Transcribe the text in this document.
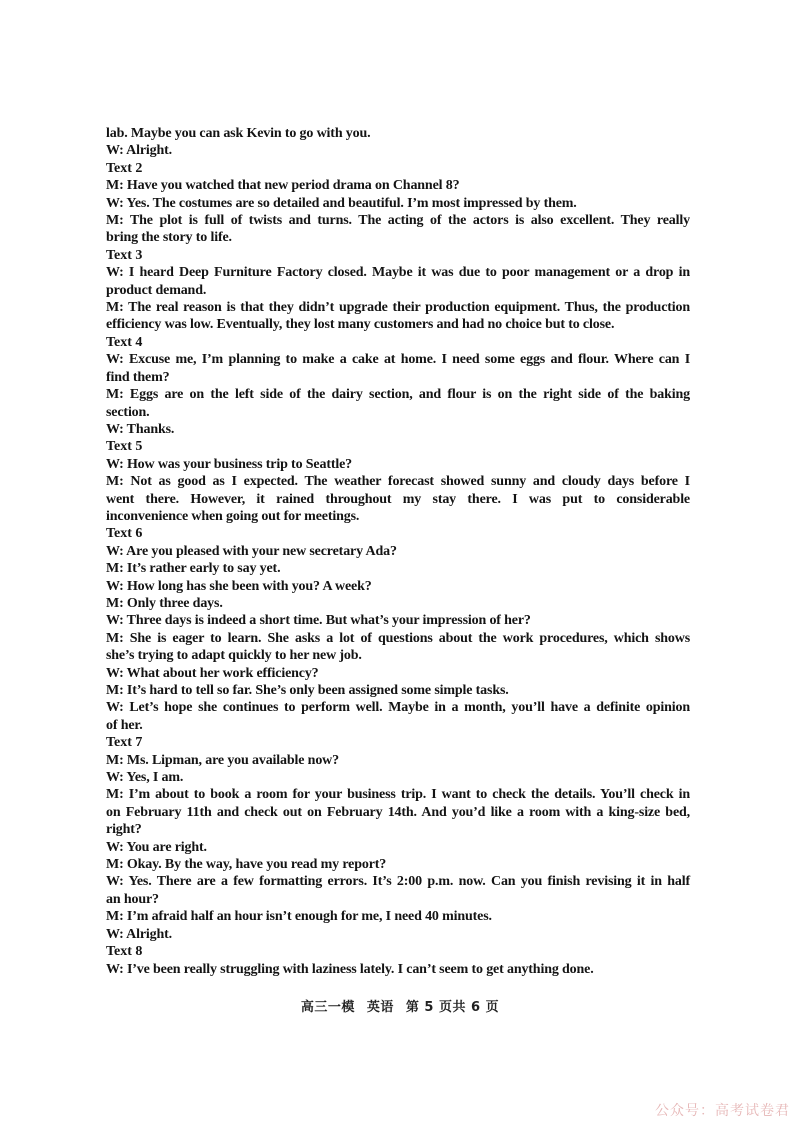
lab. Maybe you can ask Kevin to go with you.
W: Alright.
Text 2
M: Have you watched that new period drama on Channel 8?
W: Yes. The costumes are so detailed and beautiful. I’m most impressed by them.
M: The plot is full of twists and turns. The acting of the actors is also excellent. They really
bring the story to life.
Text 3
W: I heard Deep Furniture Factory closed. Maybe it was due to poor management or a drop in
product demand.
M: The real reason is that they didn’t upgrade their production equipment. Thus, the production
efficiency was low. Eventually, they lost many customers and had no choice but to close.
Text 4
W: Excuse me, I’m planning to make a cake at home. I need some eggs and flour. Where can I
find them?
M: Eggs are on the left side of the dairy section, and flour is on the right side of the baking
section.
W: Thanks.
Text 5
W: How was your business trip to Seattle?
M: Not as good as I expected. The weather forecast showed sunny and cloudy days before I
went there. However, it rained throughout my stay there. I was put to considerable
inconvenience when going out for meetings.
Text 6
W: Are you pleased with your new secretary Ada?
M: It’s rather early to say yet.
W: How long has she been with you? A week?
M: Only three days.
W: Three days is indeed a short time. But what’s your impression of her?
M: She is eager to learn. She asks a lot of questions about the work procedures, which shows
she’s trying to adapt quickly to her new job.
W: What about her work efficiency?
M: It’s hard to tell so far. She’s only been assigned some simple tasks.
W: Let’s hope she continues to perform well. Maybe in a month, you’ll have a definite opinion
of her.
Text 7
M: Ms. Lipman, are you available now?
W: Yes, I am.
M: I’m about to book a room for your business trip. I want to check the details. You’ll check in
on February 11th and check out on February 14th. And you’d like a room with a king-size bed,
right?
W: You are right.
M: Okay. By the way, have you read my report?
W: Yes. There are a few formatting errors. It’s 2:00 p.m. now. Can you finish revising it in half
an hour?
M: I’m afraid half an hour isn’t enough for me, I need 40 minutes.
W: Alright.
Text 8
W: I’ve been really struggling with laziness lately. I can’t seem to get anything done.
高三一模 英语 第 5 页共 6 页
公众号：高考试卷君
